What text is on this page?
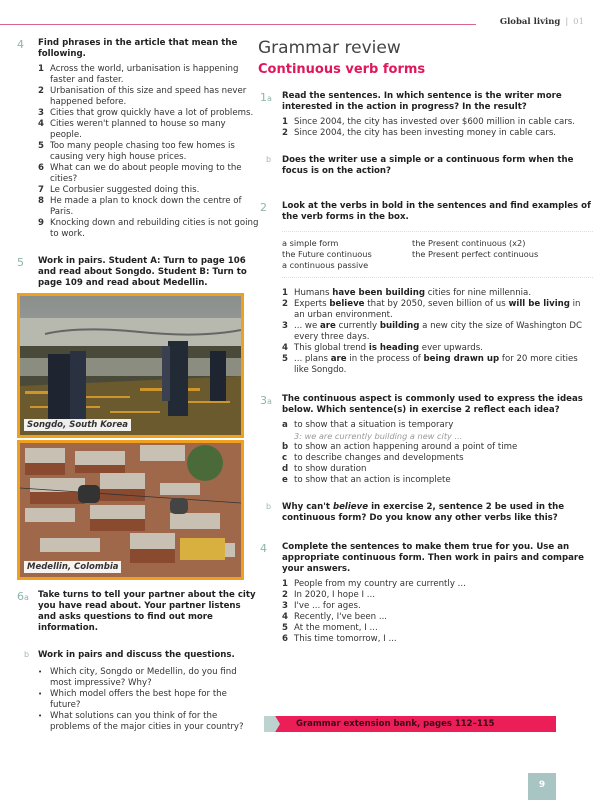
Global living | 01
4 Find phrases in the article that mean the following.
1 Across the world, urbanisation is happening faster and faster.
2 Urbanisation of this size and speed has never happened before.
3 Cities that grow quickly have a lot of problems.
4 Cities weren't planned to house so many people.
5 Too many people chasing too few homes is causing very high house prices.
6 What can we do about people moving to the cities?
7 Le Corbusier suggested doing this.
8 He made a plan to knock down the centre of Paris.
9 Knocking down and rebuilding cities is not going to work.
5 Work in pairs. Student A: Turn to page 106 and read about Songdo. Student B: Turn to page 109 and read about Medellin.
Songdo, South Korea
Medellin, Colombia
6a Take turns to tell your partner about the city you have read about. Your partner listens and asks questions to find out more information.
b Work in pairs and discuss the questions.
• Which city, Songdo or Medellin, do you find most impressive? Why?
• Which model offers the best hope for the future?
• What solutions can you think of for the problems of the major cities in your country?
Grammar review
Continuous verb forms
1a Read the sentences. In which sentence is the writer more interested in the action in progress? In the result?
1 Since 2004, the city has invested over $600 million in cable cars.
2 Since 2004, the city has been investing money in cable cars.
b Does the writer use a simple or a continuous form when the focus is on the action?
2 Look at the verbs in bold in the sentences and find examples of the verb forms in the box.
a simple form	the Present continuous (x2)
the Future continuous	the Present perfect continuous
a continuous passive
1 Humans have been building cities for nine millennia.
2 Experts believe that by 2050, seven billion of us will be living in an urban environment.
3 ... we are currently building a new city the size of Washington DC every three days.
4 This global trend is heading ever upwards.
5 ... plans are in the process of being drawn up for 20 more cities like Songdo.
3a The continuous aspect is commonly used to express the ideas below. Which sentence(s) in exercise 2 reflect each idea?
a to show that a situation is temporary
3: we are currently building a new city ...
b to show an action happening around a point of time
c to describe changes and developments
d to show duration
e to show that an action is incomplete
b Why can't believe in exercise 2, sentence 2 be used in the continuous form? Do you know any other verbs like this?
4 Complete the sentences to make them true for you. Use an appropriate continuous form. Then work in pairs and compare your answers.
1 People from my country are currently ...
2 In 2020, I hope I ...
3 I've ... for ages.
4 Recently, I've been ...
5 At the moment, I ...
6 This time tomorrow, I ...
Grammar extension bank, pages 112–115
9
